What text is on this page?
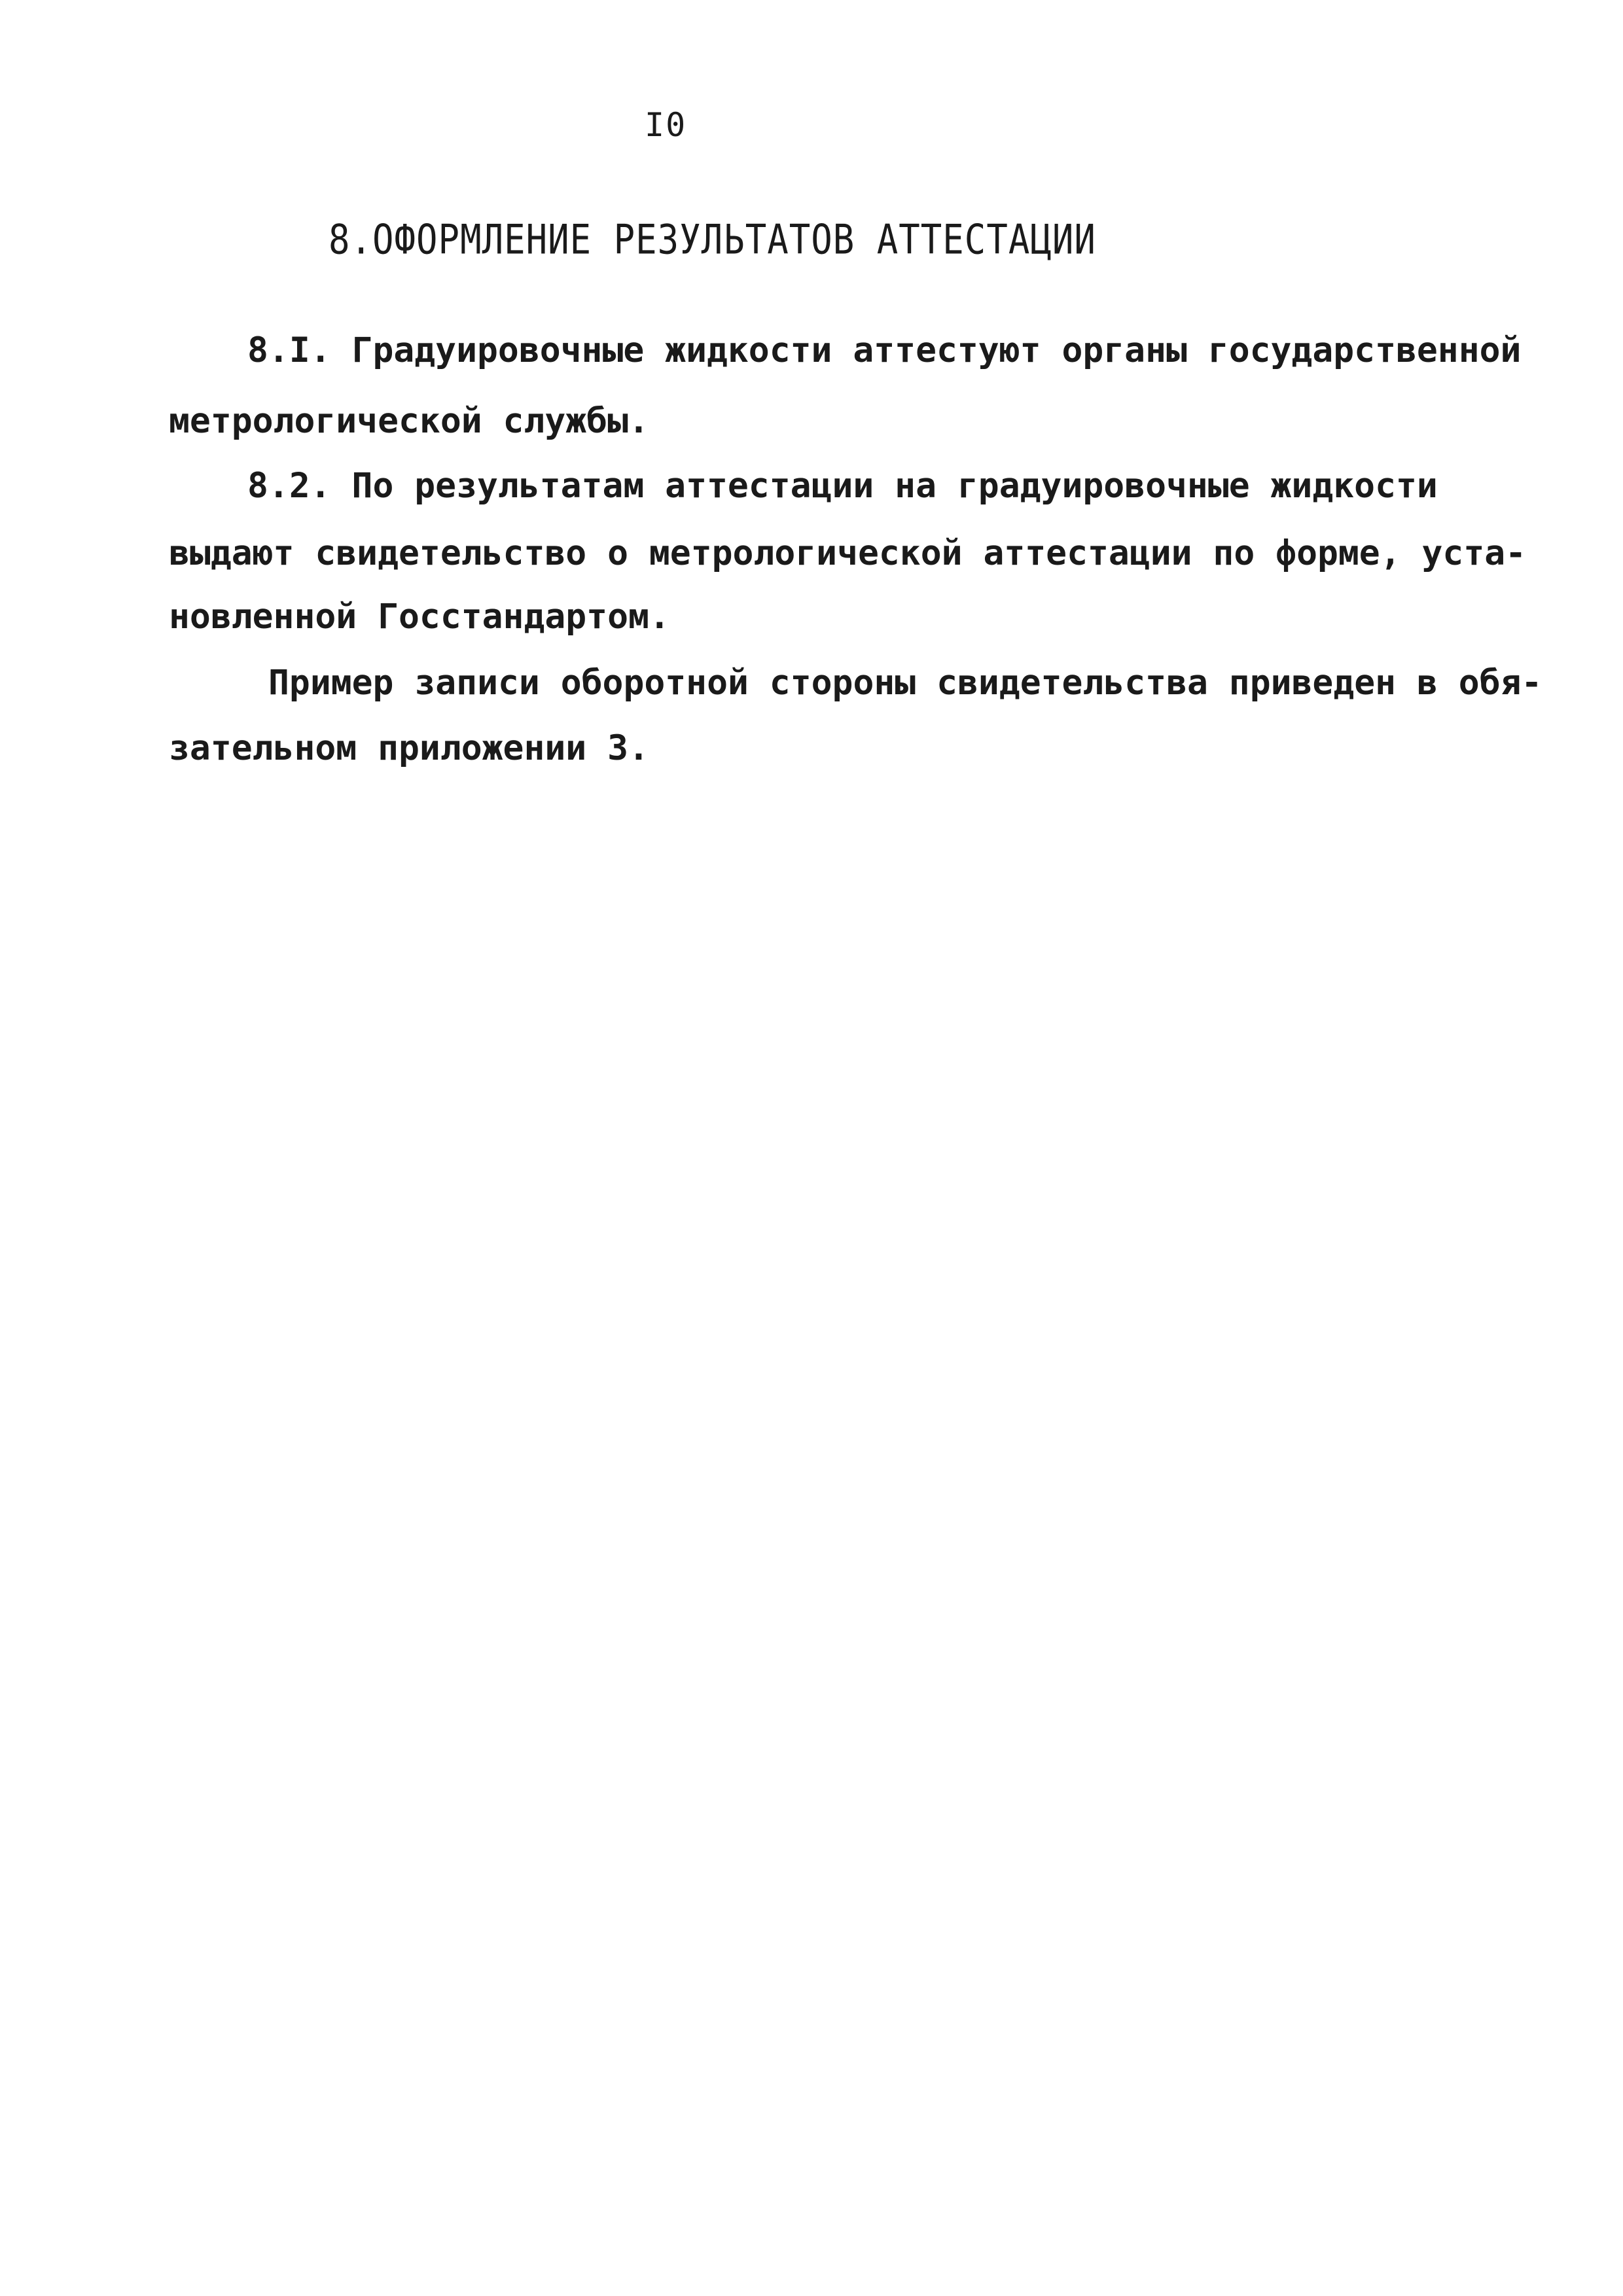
I0
8.ОФОРМЛЕНИЕ РЕЗУЛЬТАТОВ АТТЕСТАЦИИ
8.I. Градуировочные жидкости аттестуют органы государственной
метрологической службы.
8.2. По результатам аттестации на градуировочные жидкости
выдают свидетельство о метрологической аттестации по форме, уста-
новленной Госстандартом.
Пример записи оборотной стороны свидетельства приведен в обя-
зательном приложении 3.
